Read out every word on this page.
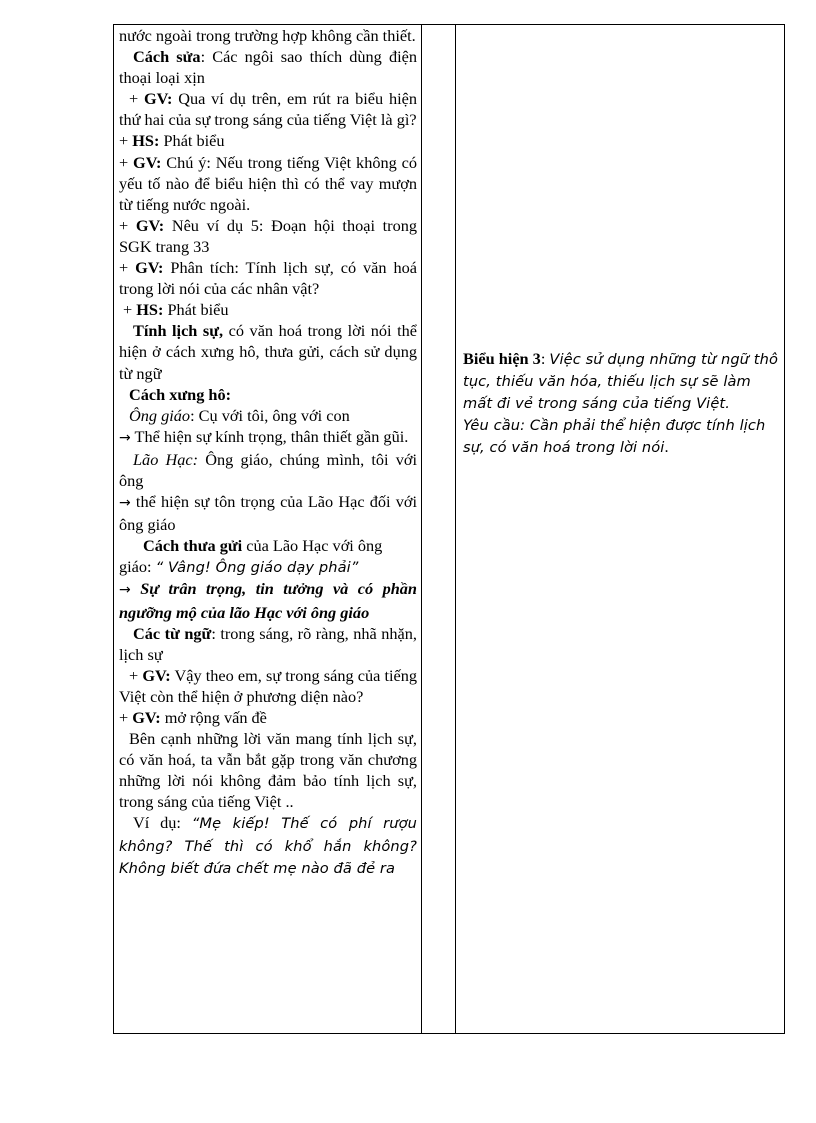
nước ngoài trong trường hợp không cần thiết.

Cách sửa: Các ngôi sao thích dùng điện thoại loại xịn

+ GV: Qua ví dụ trên, em rút ra biểu hiện thứ hai của sự trong sáng của tiếng Việt là gì?

+ HS: Phát biểu

+ GV: Chú ý: Nếu trong tiếng Việt không có yếu tố nào để biểu hiện thì có thể vay mượn từ tiếng nước ngoài.

+ GV: Nêu ví dụ 5: Đoạn hội thoại trong SGK trang 33

+ GV: Phân tích: Tính lịch sự, có văn hoá trong lời nói của các nhân vật?

+ HS: Phát biểu

Tính lịch sự, có văn hoá trong lời nói thể hiện ở cách xưng hô, thưa gửi, cách sử dụng từ ngữ

Cách xưng hô:

Ông giáo: Cụ với tôi, ông với con

→ Thể hiện sự kính trọng, thân thiết gần gũi.

Lão Hạc: Ông giáo, chúng mình, tôi với ông

→ thể hiện sự tôn trọng của Lão Hạc đối với ông giáo

Cách thưa gửi của Lão Hạc với ông giáo: “ Vâng! Ông giáo dạy phải”

→ Sự trân trọng, tin tưởng và có phần ngưỡng mộ của lão Hạc với ông giáo

Các từ ngữ: trong sáng, rõ ràng, nhã nhặn, lịch sự

+ GV: Vậy theo em, sự trong sáng của tiếng Việt còn thể hiện ở phương diện nào?

+ GV: mở rộng vấn đề

Bên cạnh những lời văn mang tính lịch sự, có văn hoá, ta vẫn bắt gặp trong văn chương những lời nói không đảm bảo tính lịch sự, trong sáng của tiếng Việt ..

Ví dụ: “Mẹ kiếp! Thế có phí rượu không? Thế thì có khổ hắn không? Không biết đứa chết mẹ nào đã đẻ ra

Biểu hiện 3: Việc sử dụng những từ ngữ thô tục, thiếu văn hóa, thiếu lịch sự sẽ làm mất đi vẻ trong sáng của tiếng Việt.

Yêu cầu: Cần phải thể hiện được tính lịch sự, có văn hoá trong lời nói.
